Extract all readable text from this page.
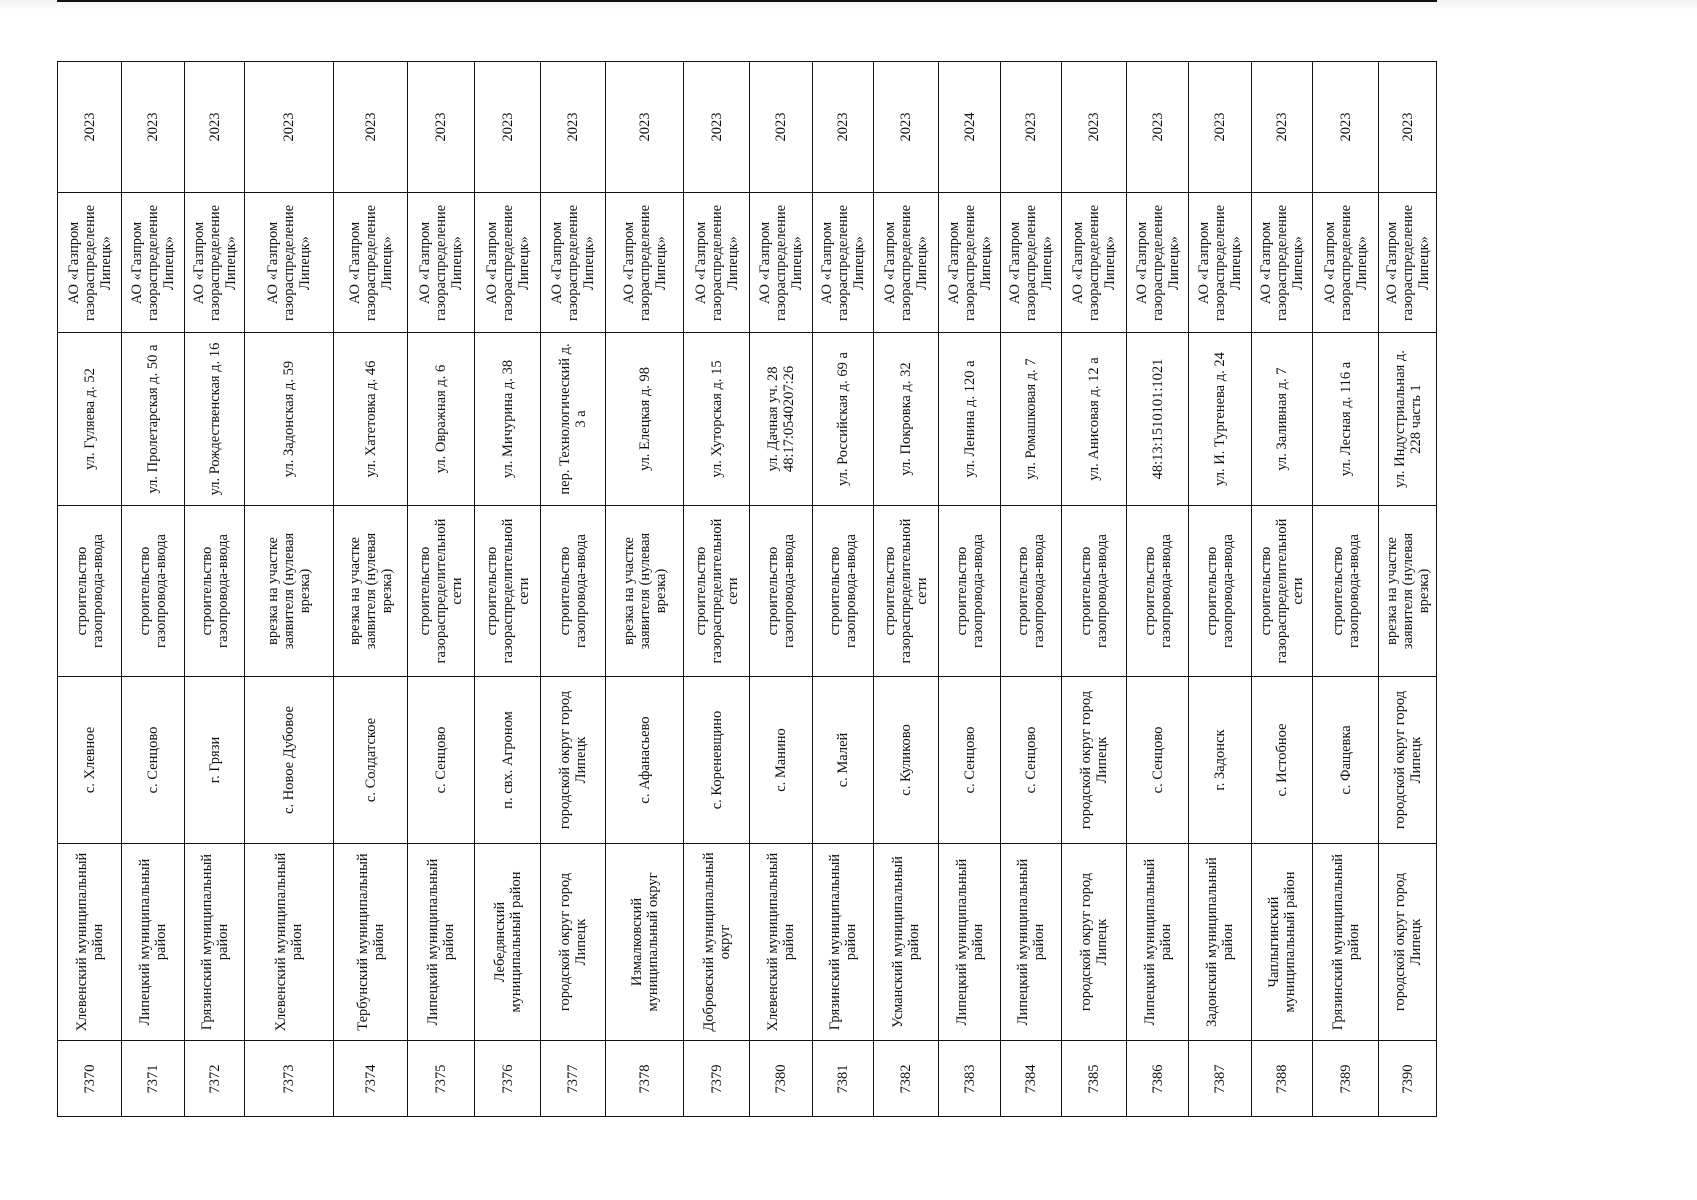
7370
Хлевенский муниципальный район
с. Хлевное
строительство газопровода-ввода
ул. Гуляева д. 52
АО «Газпром газораспределение Липецк»
2023
7371
Липецкий муниципальный район
с. Сенцово
строительство газопровода-ввода
ул. Пролетарская д. 50 а
АО «Газпром газораспределение Липецк»
2023
7372
Грязинский муниципальный район
г. Грязи
строительство газопровода-ввода
ул. Рождественская д. 16
АО «Газпром газораспределение Липецк»
2023
7373
Хлевенский муниципальный район
с. Новое Дубовое
врезка на участке заявителя (нулевая врезка)
ул. Задонская д. 59
АО «Газпром газораспределение Липецк»
2023
7374
Тербунский муниципальный район
с. Солдатское
врезка на участке заявителя (нулевая врезка)
ул. Хатетовка д. 46
АО «Газпром газораспределение Липецк»
2023
7375
Липецкий муниципальный район
с. Сенцово
строительство газораспределительной сети
ул. Овражная д. 6
АО «Газпром газораспределение Липецк»
2023
7376
Лебедянский муниципальный район
п. свх. Агроном
строительство газораспределительной сети
ул. Мичурина д. 38
АО «Газпром газораспределение Липецк»
2023
7377
городской округ город Липецк
городской округ город Липецк
строительство газопровода-ввода
пер. Технологический д. 3 а
АО «Газпром газораспределение Липецк»
2023
7378
Измалковский муниципальный округ
с. Афанасьево
врезка на участке заявителя (нулевая врезка)
ул. Елецкая д. 98
АО «Газпром газораспределение Липецк»
2023
7379
Добровский муниципальный округ
с. Кореневщино
строительство газораспределительной сети
ул. Хуторская д. 15
АО «Газпром газораспределение Липецк»
2023
7380
Хлевенский муниципальный район
с. Манино
строительство газопровода-ввода
ул. Дачная уч. 28 48:17:0540207:26
АО «Газпром газораспределение Липецк»
2023
7381
Грязинский муниципальный район
с. Малей
строительство газопровода-ввода
ул. Российская д. 69 а
АО «Газпром газораспределение Липецк»
2023
7382
Усманский муниципальный район
с. Куликово
строительство газораспределительной сети
ул. Покровка д. 32
АО «Газпром газораспределение Липецк»
2023
7383
Липецкий муниципальный район
с. Сенцово
строительство газопровода-ввода
ул. Ленина д. 120 а
АО «Газпром газораспределение Липецк»
2024
7384
Липецкий муниципальный район
с. Сенцово
строительство газопровода-ввода
ул. Ромашковая д. 7
АО «Газпром газораспределение Липецк»
2023
7385
городской округ город Липецк
городской округ город Липецк
строительство газопровода-ввода
ул. Анисовая д. 12 а
АО «Газпром газораспределение Липецк»
2023
7386
Липецкий муниципальный район
с. Сенцово
строительство газопровода-ввода
48:13:1510101:1021
АО «Газпром газораспределение Липецк»
2023
7387
Задонский муниципальный район
г. Задонск
строительство газопровода-ввода
ул. И. Тургенева д. 24
АО «Газпром газораспределение Липецк»
2023
7388
Чаплыгинский муниципальный район
с. Истобное
строительство газораспределительной сети
ул. Заливная д. 7
АО «Газпром газораспределение Липецк»
2023
7389
Грязинский муниципальный район
с. Фащевка
строительство газопровода-ввода
ул. Лесная д. 116 а
АО «Газпром газораспределение Липецк»
2023
7390
городской округ город Липецк
городской округ город Липецк
врезка на участке заявителя (нулевая врезка)
ул. Индустриальная д. 228 часть 1
АО «Газпром газораспределение Липецк»
2023
